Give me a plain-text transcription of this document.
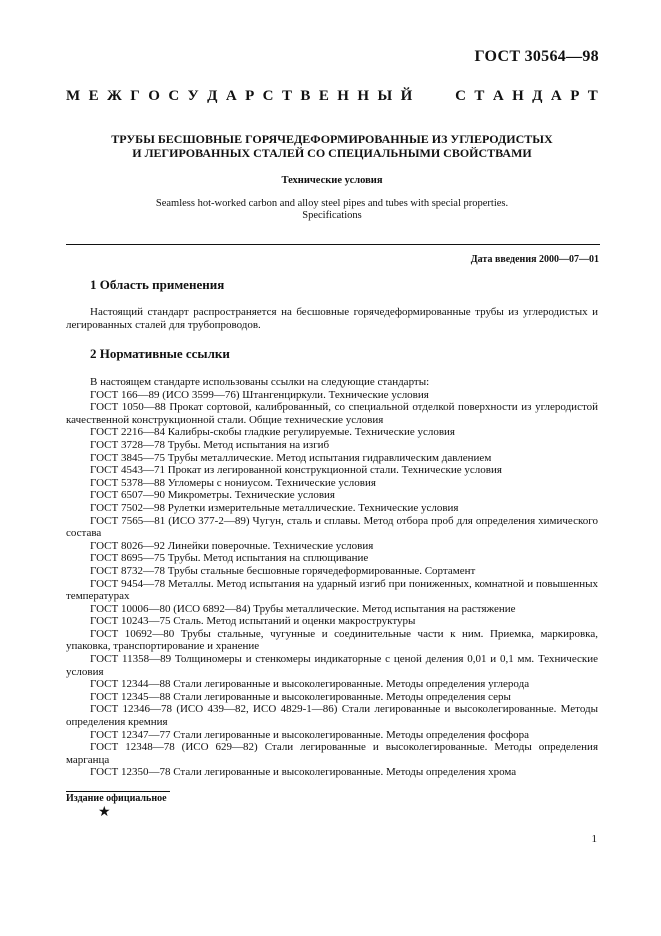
ГОСТ 30564—98
М Е Ж Г О С У Д А Р С Т В Е Н Н Ы Й	С Т А Н Д А Р Т
ТРУБЫ БЕСШОВНЫЕ ГОРЯЧЕДЕФОРМИРОВАННЫЕ ИЗ УГЛЕРОДИСТЫХ
И ЛЕГИРОВАННЫХ СТАЛЕЙ СО СПЕЦИАЛЬНЫМИ СВОЙСТВАМИ
Технические условия
Seamless hot-worked carbon and alloy steel pipes and tubes with special properties.
Specifications
Дата введения 2000—07—01
1 Область применения
Настоящий стандарт распространяется на бесшовные горячедеформированные трубы из углеродистых и легированных сталей для трубопроводов.
2 Нормативные ссылки
В настоящем стандарте использованы ссылки на следующие стандарты:
ГОСТ 166—89 (ИСО 3599—76) Штангенциркули. Технические условия
ГОСТ 1050—88 Прокат сортовой, калиброванный, со специальной отделкой поверхности из углеродистой качественной конструкционной стали. Общие технические условия
ГОСТ 2216—84 Калибры-скобы гладкие регулируемые. Технические условия
ГОСТ 3728—78 Трубы. Метод испытания на изгиб
ГОСТ 3845—75 Трубы металлические. Метод испытания гидравлическим давлением
ГОСТ 4543—71 Прокат из легированной конструкционной стали. Технические условия
ГОСТ 5378—88 Угломеры с нониусом. Технические условия
ГОСТ 6507—90 Микрометры. Технические условия
ГОСТ 7502—98 Рулетки измерительные металлические. Технические условия
ГОСТ 7565—81 (ИСО 377-2—89) Чугун, сталь и сплавы. Метод отбора проб для определения химического состава
ГОСТ 8026—92 Линейки поверочные. Технические условия
ГОСТ 8695—75 Трубы. Метод испытания на сплющивание
ГОСТ 8732—78 Трубы стальные бесшовные горячедеформированные. Сортамент
ГОСТ 9454—78 Металлы. Метод испытания на ударный изгиб при пониженных, комнатной и повышенных температурах
ГОСТ 10006—80 (ИСО 6892—84) Трубы металлические. Метод испытания на растяжение
ГОСТ 10243—75 Сталь. Метод испытаний и оценки макроструктуры
ГОСТ 10692—80 Трубы стальные, чугунные и соединительные части к ним. Приемка, маркировка, упаковка, транспортирование и хранение
ГОСТ 11358—89 Толщиномеры и стенкомеры индикаторные с ценой деления 0,01 и 0,1 мм. Технические условия
ГОСТ 12344—88 Стали легированные и высоколегированные. Методы определения углерода
ГОСТ 12345—88 Стали легированные и высоколегированные. Методы определения серы
ГОСТ 12346—78 (ИСО 439—82, ИСО 4829-1—86) Стали легированные и высоколегированные. Методы определения кремния
ГОСТ 12347—77 Стали легированные и высоколегированные. Методы определения фосфора
ГОСТ 12348—78 (ИСО 629—82) Стали легированные и высоколегированные. Методы определения марганца
ГОСТ 12350—78 Стали легированные и высоколегированные. Методы определения хрома
Издание официальное
★
1
